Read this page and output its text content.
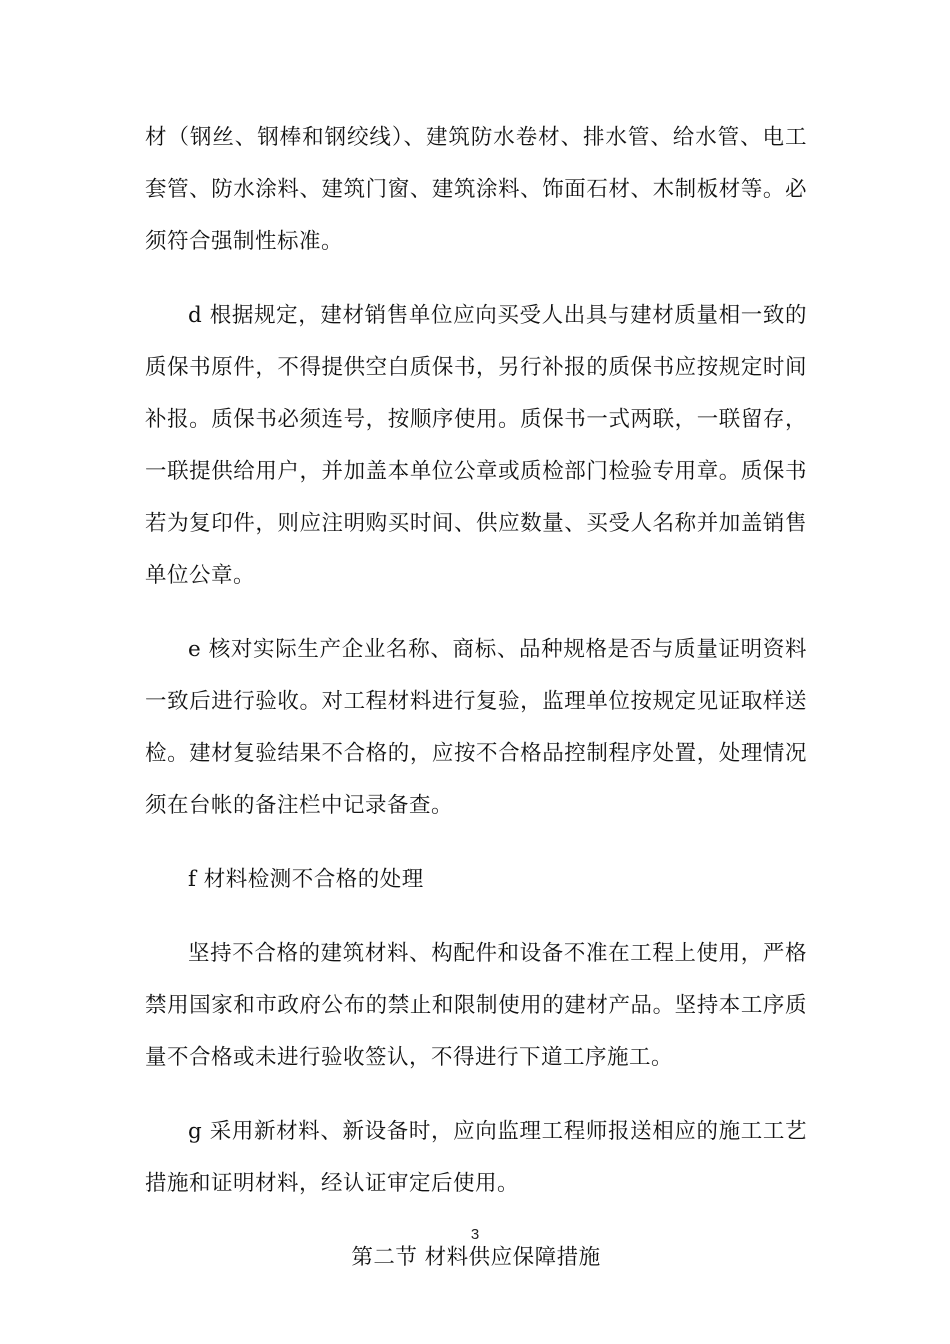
材（钢丝、钢棒和钢绞线）、建筑防水卷材、排水管、给水管、电工套管、防水涂料、建筑门窗、建筑涂料、饰面石材、木制板材等。必须符合强制性标准。

d 根据规定，建材销售单位应向买受人出具与建材质量相一致的质保书原件，不得提供空白质保书，另行补报的质保书应按规定时间补报。质保书必须连号，按顺序使用。质保书一式两联，一联留存，一联提供给用户，并加盖本单位公章或质检部门检验专用章。质保书若为复印件，则应注明购买时间、供应数量、买受人名称并加盖销售单位公章。

e 核对实际生产企业名称、商标、品种规格是否与质量证明资料一致后进行验收。对工程材料进行复验，监理单位按规定见证取样送检。建材复验结果不合格的，应按不合格品控制程序处置，处理情况须在台帐的备注栏中记录备查。

f 材料检测不合格的处理

坚持不合格的建筑材料、构配件和设备不准在工程上使用，严格禁用国家和市政府公布的禁止和限制使用的建材产品。坚持本工序质量不合格或未进行验收签认，不得进行下道工序施工。

g 采用新材料、新设备时，应向监理工程师报送相应的施工工艺措施和证明材料，经认证审定后使用。

第二节 材料供应保障措施

3
